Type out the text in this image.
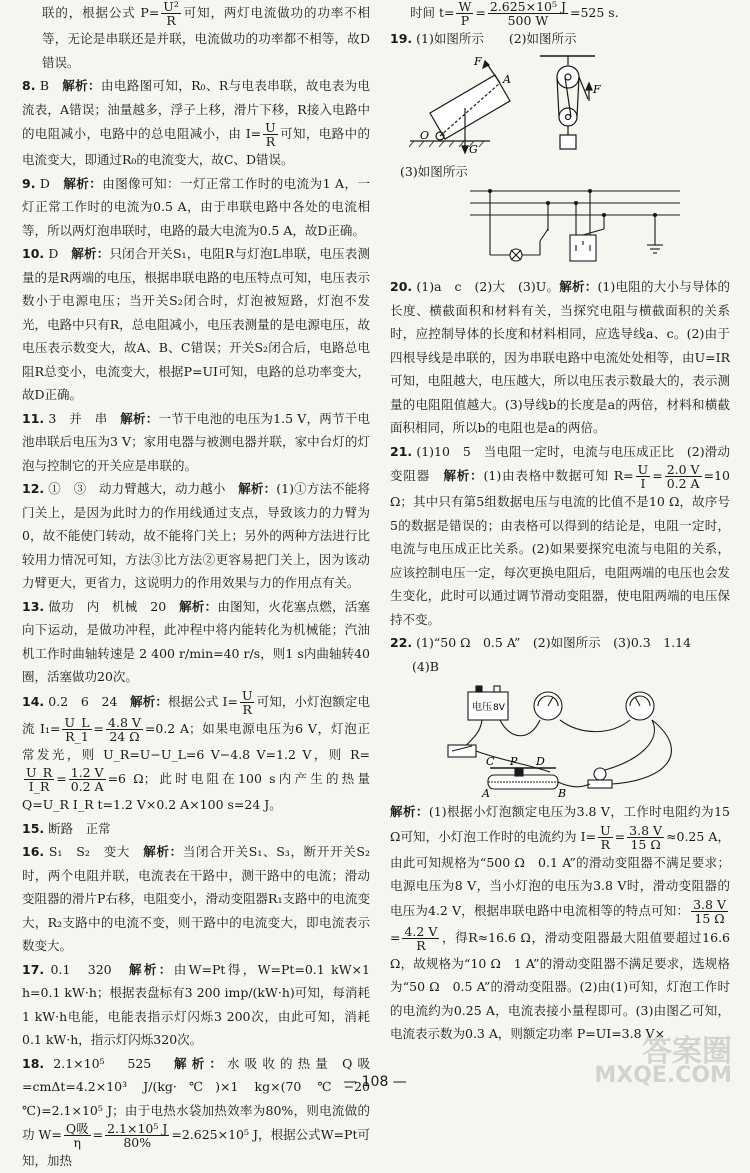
联的，根据公式 $P= \frac{\text{U²}}{R}$ 可知，两灯电流做功的功率不相等，无论是串联还是并联，电流做功的功率都不相等，故D错误。

8. B　解析：由电路图可知，R₀、R与电表串联，故电表为电流表，A错误；油量越多，浮子上移，滑片下移，R接入电路中的电阻减小，电路中的总电阻减小，由 $I= \frac{U}{R}$ 可知，电路中的电流变大，即通过R₀的电流变大，故C、D错误。

9. D　解析：由图像可知：一灯正常工作时的电流为1 A，一灯正常工作时的电流为0.5 A，由于串联电路中各处的电流相等，所以两灯泡串联时，电路的最大电流为0.5 A，故D正确。

10. D　解析：只闭合开关S₁，电阻R与灯泡L串联，电压表测量的是R两端的电压，根据串联电路的电压特点可知，电压表示数小于电源电压；当开关S₂闭合时，灯泡被短路，灯泡不发光，电路中只有R，总电阻减小，电压表测量的是电源电压，故电压表示数变大，故A、B、C错误；开关S₂闭合后，电路总电阻R总变小，电流变大，根据P=UI可知，电路的总功率变大，故D正确。

11. 3　并　串　解析：一节干电池的电压为1.5 V，两节干电池串联后电压为3 V；家用电器与被测电器并联，家中台灯的灯泡与控制它的开关应是串联的。

12. ①　③　动力臂越大，动力越小　解析：(1)①方法不能将门关上，是因为此时力的作用线通过支点，导致该力的力臂为0，故不能使门转动，故不能将门关上；另外的两种方法进行比较用力情况可知，方法③比方法②更容易把门关上，因为该动力臂更大，更省力，这说明力的作用效果与力的作用点有关。

13. 做功　内　机械　20　解析：由图知，火花塞点燃，活塞向下运动，是做功冲程，此冲程中将内能转化为机械能；汽油机工作时曲轴转速是 2 400 r/min=40 r/s，则1 s内曲轴转40圈，活塞做功20次。

14. 0.2　6　24　解析：根据公式 $I= \frac{U}{R}$ 可知，小灯泡额定电流 $I_1= \frac{U\_L}{R\_1} = \frac{4.8 V}{24 \Omega} =0.2$ A；如果电源电压为6 V，灯泡正常发光，则 U_R=U−U_L=6 V−4.8 V=1.2 V，则 R=
$\frac{U\_R}{I\_R} = \frac{1.2 V}{0.2 A} =6$ Ω；此时电阻在100 s内产生的热量 Q=U_R I_R t=1.2 V×0.2 A×100 s=24 J。

15. 断路　正常

16. S₁　S₂　变大　解析：当闭合开关S₁、S₃，断开开关S₂时，两个电阻并联，电流表在干路中，测干路中的电流；滑动变阻器的滑片P右移，电阻变小，滑动变阻器R₁支路中的电流变大，R₂支路中的电流不变，则干路中的电流变大，即电流表示数变大。

17. 0.1　320　解析：由W=Pt得，W=Pt=0.1 kW×1 h=0.1 kW·h；根据表盘标有3 200 imp/(kW·h)可知，每消耗1 kW·h电能，电能表指示灯闪烁3 200次，由此可知，消耗0.1 kW·h，指示灯闪烁320次。

18. 2.1×10⁵　525　解析：水吸收的热量 Q吸=cmΔt=4.2×10³ J/(kg·℃)×1 kg×(70 ℃−20 ℃)=2.1×10⁵ J；由于电热水袋加热效率为80%，则电流做的功 $W= \frac{\text{Q吸}}{\eta} = \frac{\text{2.1×10⁵ J}}{80\%} =2.625\times 10^5$ J，根据公式W=Pt可知，加热

时间 $t= \frac{W}{P} = \frac{\text{2.625×10⁵ J}}{500 W} =525$ s.

19. (1)如图所示　　(2)如图所示

F
A
O
G
F

(3)如图所示

20. (1)a　c　(2)大　(3)U。解析：(1)电阻的大小与导体的长度、横截面积和材料有关，当探究电阻与横截面积的关系时，应控制导体的长度和材料相同，应选导线a、c。(2)由于四根导线是串联的，因为串联电路中电流处处相等，由U=IR可知，电阻越大，电压越大，所以电压表示数最大的，表示测量的电阻阻值越大。(3)导线b的长度是a的两倍，材料和横截面积相同，所以b的电阻也是a的两倍。

21. (1)10　5　当电阻一定时，电流与电压成正比　(2)滑动变阻器　解析：(1)由表格中数据可知 $R= \frac{U}{I} = \frac{2.0 V}{0.2 A} =10$ Ω；其中只有第5组数据电压与电流的比值不是10 Ω，故序号5的数据是错误的；由表格可以得到的结论是，电阻一定时，电流与电压成正比关系。(2)如果要探究电流与电阻的关系，应该控制电压一定，每次更换电阻后，电阻两端的电压也会发生变化，此时可以通过调节滑动变阻器，使电阻两端的电压保持不变。

22. (1)“50 Ω　0.5 A”　(2)如图所示　(3)0.3　1.14
(4)B

电压 8V
C P D
A	B

解析：(1)根据小灯泡额定电压为3.8 V，工作时电阻约为15 Ω可知，小灯泡工作时的电流约为 $I= \frac{U}{R} = \frac{3.8 V}{15 \Omega} \approx 0.25$ A，由此可知规格为“500 Ω　0.1 A”的滑动变阻器不满足要求；电源电压为8 V，当小灯泡的电压为3.8 V时，滑动变阻器的电压为4.2 V，根据串联电路中电流相等的特点可知： $\frac{3.8 V}{15 \Omega}$
= $\frac{4.2 V}{R}$ ，得R≈16.6 Ω，滑动变阻器最大阻值要超过16.6 Ω，故规格为“10 Ω　1 A”的滑动变阻器不满足要求，选规格为“50 Ω　0.5 A”的滑动变阻器。(2)由(1)可知，灯泡工作时的电流约为0.25 A，电流表接小量程即可。(3)由图乙可知，电流表示数为0.3 A，则额定功率 P=UI=3.8 V×

— 108 —
答案圈
MXQE.COM
